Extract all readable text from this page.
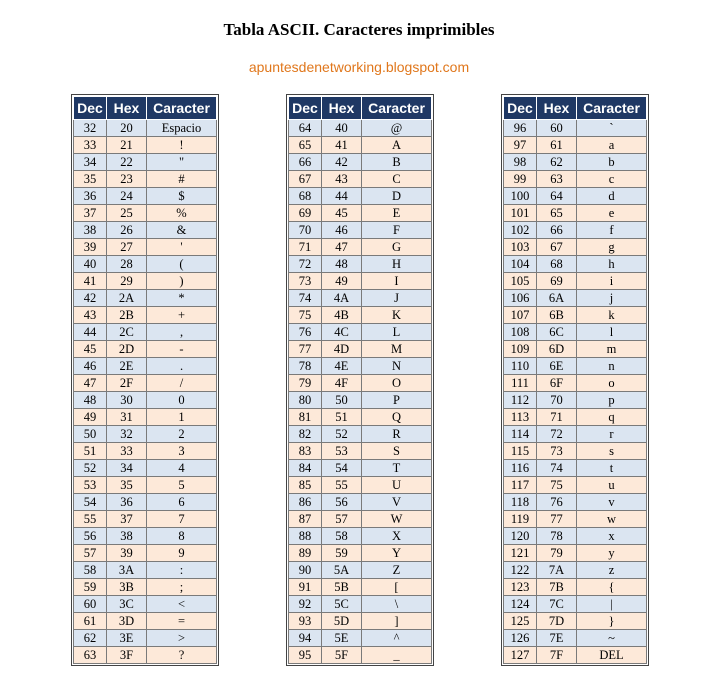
Tabla ASCII. Caracteres imprimibles
apuntesdenetworking.blogspot.com
Dec	Hex	Caracter
32	20	Espacio
33	21	!
34	22	"
35	23	#
36	24	$
37	25	%
38	26	&
39	27	'
40	28	(
41	29	)
42	2A	*
43	2B	+
44	2C	,
45	2D	-
46	2E	.
47	2F	/
48	30	0
49	31	1
50	32	2
51	33	3
52	34	4
53	35	5
54	36	6
55	37	7
56	38	8
57	39	9
58	3A	:
59	3B	;
60	3C	<
61	3D	=
62	3E	>
63	3F	?
Dec	Hex	Caracter
64	40	@
65	41	A
66	42	B
67	43	C
68	44	D
69	45	E
70	46	F
71	47	G
72	48	H
73	49	I
74	4A	J
75	4B	K
76	4C	L
77	4D	M
78	4E	N
79	4F	O
80	50	P
81	51	Q
82	52	R
83	53	S
84	54	T
85	55	U
86	56	V
87	57	W
88	58	X
89	59	Y
90	5A	Z
91	5B	[
92	5C	\
93	5D	]
94	5E	^
95	5F	_
Dec	Hex	Caracter
96	60	`
97	61	a
98	62	b
99	63	c
100	64	d
101	65	e
102	66	f
103	67	g
104	68	h
105	69	i
106	6A	j
107	6B	k
108	6C	l
109	6D	m
110	6E	n
111	6F	o
112	70	p
113	71	q
114	72	r
115	73	s
116	74	t
117	75	u
118	76	v
119	77	w
120	78	x
121	79	y
122	7A	z
123	7B	{
124	7C	|
125	7D	}
126	7E	~
127	7F	DEL
